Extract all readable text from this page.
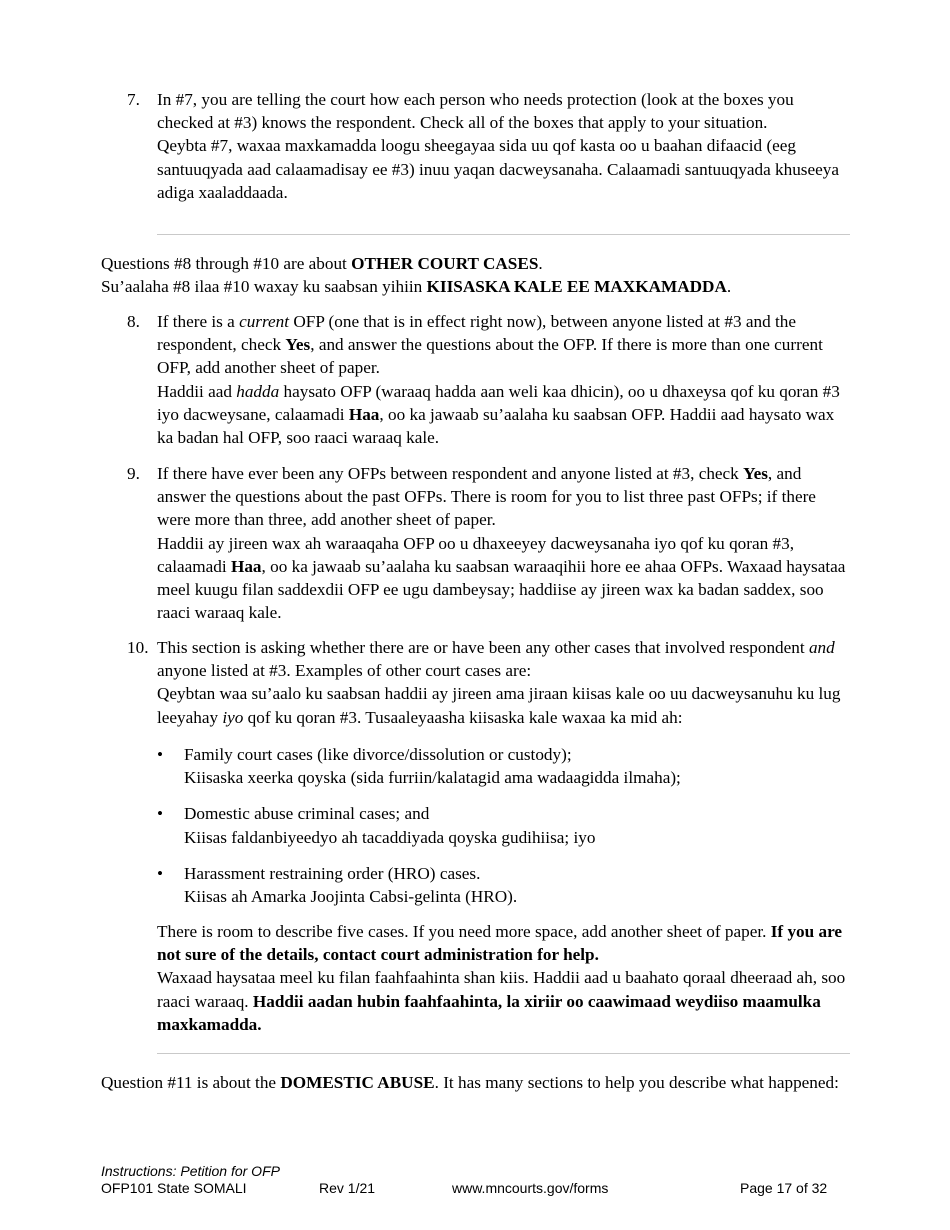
7. In #7, you are telling the court how each person who needs protection (look at the boxes you checked at #3) knows the respondent. Check all of the boxes that apply to your situation.

Qeybta #7, waxaa maxkamadda loogu sheegayaa sida uu qof kasta oo u baahan difaacid (eeg santuuqyada aad calaamadisay ee #3) inuu yaqan dacweysanaha. Calaamadi santuuqyada khuseeya adiga xaaladdaada.

Questions #8 through #10 are about OTHER COURT CASES.

Su’aalaha #8 ilaa #10 waxay ku saabsan yihiin KIISASKA KALE EE MAXKAMADDA.

8. If there is a current OFP (one that is in effect right now), between anyone listed at #3 and the respondent, check Yes, and answer the questions about the OFP. If there is more than one current OFP, add another sheet of paper.

Haddii aad hadda haysato OFP (waraaq hadda aan weli kaa dhicin), oo u dhaxeysa qof ku qoran #3 iyo dacweysane, calaamadi Haa, oo ka jawaab su’aalaha ku saabsan OFP. Haddii aad haysato wax ka badan hal OFP, soo raaci waraaq kale.

9. If there have ever been any OFPs between respondent and anyone listed at #3, check Yes, and answer the questions about the past OFPs. There is room for you to list three past OFPs; if there were more than three, add another sheet of paper.

Haddii ay jireen wax ah waraaqaha OFP oo u dhaxeeyey dacweysanaha iyo qof ku qoran #3, calaamadi Haa, oo ka jawaab su’aalaha ku saabsan waraaqihii hore ee ahaa OFPs. Waxaad haysataa meel kuugu filan saddexdii OFP ee ugu dambeysay; haddiise ay jireen wax ka badan saddex, soo raaci waraaq kale.

10. This section is asking whether there are or have been any other cases that involved respondent and anyone listed at #3. Examples of other court cases are:

Qeybtan waa su’aalo ku saabsan haddii ay jireen ama jiraan kiisas kale oo uu dacweysanuhu ku lug leeyahay iyo qof ku qoran #3. Tusaaleyaasha kiisaska kale waxaa ka mid ah:

• Family court cases (like divorce/dissolution or custody);

Kiisaska xeerka qoyska (sida furriin/kalatagid ama wadaagidda ilmaha);

• Domestic abuse criminal cases; and

Kiisas faldanbiyeedyo ah tacaddiyada qoyska gudihiisa; iyo

• Harassment restraining order (HRO) cases.

Kiisas ah Amarka Joojinta Cabsi-gelinta (HRO).

There is room to describe five cases. If you need more space, add another sheet of paper. If you are not sure of the details, contact court administration for help.

Waxaad haysataa meel ku filan faahfaahinta shan kiis. Haddii aad u baahato qoraal dheeraad ah, soo raaci waraaq. Haddii aadan hubin faahfaahinta, la xiriir oo caawimaad weydiiso maamulka maxkamadda.

Question #11 is about the DOMESTIC ABUSE. It has many sections to help you describe what happened:

Instructions: Petition for OFP
OFP101 State SOMALI	Rev 1/21	www.mncourts.gov/forms	Page 17 of 32
